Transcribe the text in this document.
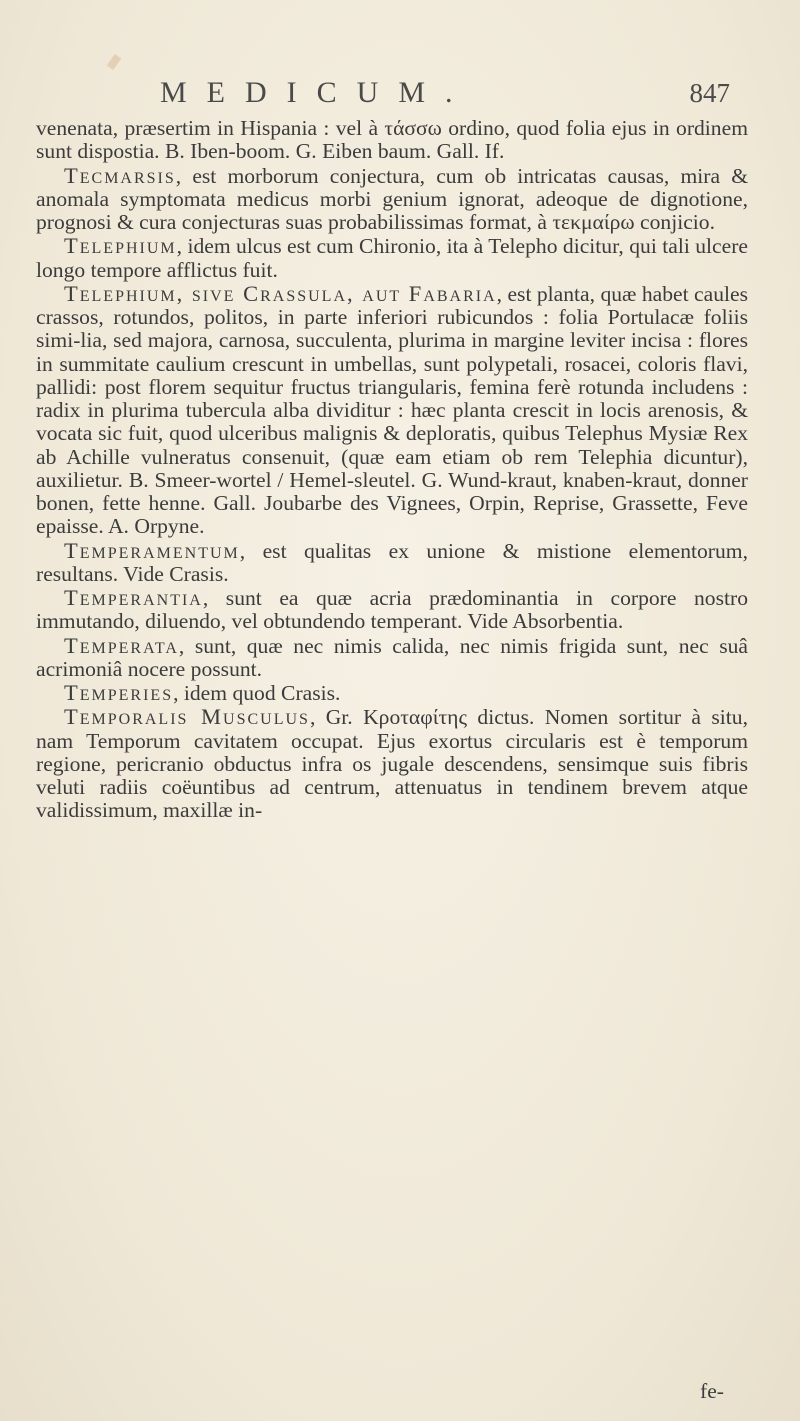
MEDICUM.	847

venenata, præsertim in Hispania : vel à τάσσω ordino, quod folia ejus in ordinem sunt dispostia. B. Iben-boom. G. Eiben baum. Gall. If.

Tecmarsis, est morborum conjectura, cum ob intricatas causas, mira & anomala symptomata medicus morbi genium ignorat, adeoque de dignotione, prognosi & cura conjecturas suas probabilissimas format, à τεκμαίρω conjicio.

Telephium, idem ulcus est cum Chironio, ita à Telepho dicitur, qui tali ulcere longo tempore afflictus fuit.

Telephium, sive Crassula, aut Fabaria, est planta, quæ habet caules crassos, rotundos, politos, in parte inferiori rubicundos : folia Portulacæ foliis simi-lia, sed majora, carnosa, succulenta, plurima in margine leviter incisa : flores in summitate caulium crescunt in umbellas, sunt polypetali, rosacei, coloris flavi, pallidi: post florem sequitur fructus triangularis, femina ferè rotunda includens : radix in plurima tubercula alba dividitur : hæc planta crescit in locis arenosis, & vocata sic fuit, quod ulceribus malignis & deploratis, quibus Telephus Mysiæ Rex ab Achille vulneratus consenuit, (quæ eam etiam ob rem Telephia dicuntur), auxilietur. B. Smeer-wortel / Hemel-sleutel. G. Wund-kraut, knaben-kraut, donner bonen, fette henne. Gall. Joubarbe des Vignees, Orpin, Reprise, Grassette, Feve epaisse. A. Orpyne.

Temperamentum, est qualitas ex unione & mistione elementorum, resultans. Vide Crasis.

Temperantia, sunt ea quæ acria prædominantia in corpore nostro immutando, diluendo, vel obtundendo temperant. Vide Absorbentia.

Temperata, sunt, quæ nec nimis calida, nec nimis frigida sunt, nec suâ acrimoniâ nocere possunt.

Temperies, idem quod Crasis.

Temporalis Musculus, Gr. Κροταφίτης dictus. Nomen sortitur à situ, nam Temporum cavitatem occupat. Ejus exortus circularis est è temporum regione, pericranio obductus infra os jugale descendens, sensimque suis fibris veluti radiis coëuntibus ad centrum, attenuatus in tendinem brevem atque validissimum, maxillæ in-

fe-
